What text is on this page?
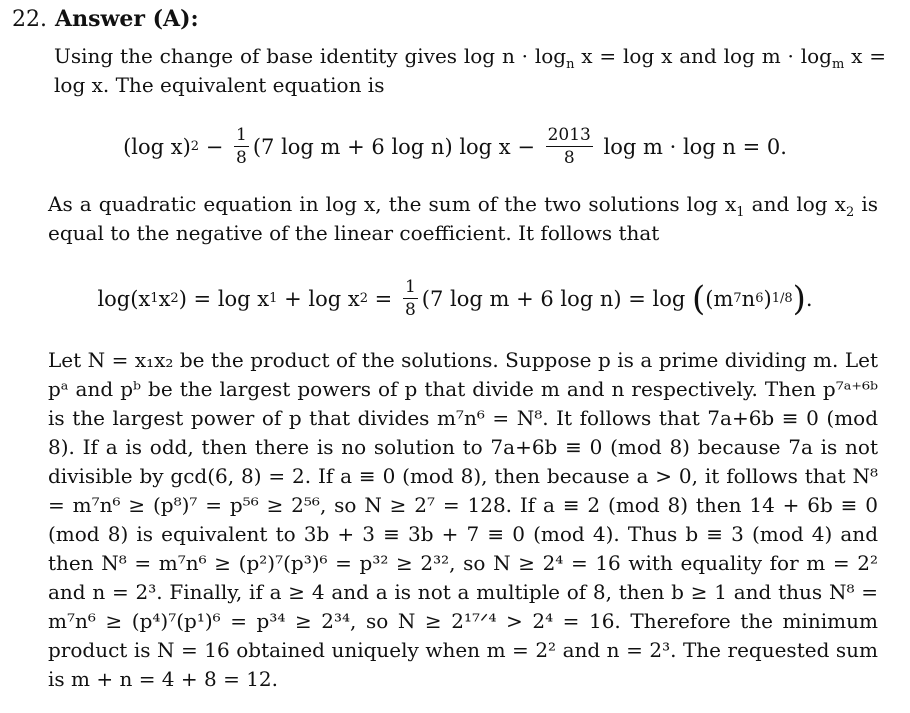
22. Answer (A):
Using the change of base identity gives $\log n \cdot \log_n x = \log x$ and $\log m \cdot \log_m x = \log x$. The equivalent equation is
(log x) $2 - \frac{1}{8} (7$ log m + 6 log n) $\log x - \frac{2013}{8}$ log m · log n = 0.
As a quadratic equation in log x, the sum of the two solutions $\log x_1$ and $\log x_2$ is equal to the negative of the linear coefficient. It follows that
log(x 1 x 2 ) = log x 1 + log x $2 = \frac{1}{8} (7$ log m + 6 log n) = log ( (m 7 n 6 ) 1/8 ) .
Let N = x₁x₂ be the product of the solutions. Suppose p is a prime dividing m. Let pᵃ and pᵇ be the largest powers of p that divide m and n respectively. Then p⁷ᵃ⁺⁶ᵇ is the largest power of p that divides m⁷n⁶ = N⁸. It follows that 7a+6b ≡ 0 (mod 8). If a is odd, then there is no solution to 7a+6b ≡ 0 (mod 8) because 7a is not divisible by gcd(6, 8) = 2. If a ≡ 0 (mod 8), then because a > 0, it follows that N⁸ = m⁷n⁶ ≥ (p⁸)⁷ = p⁵⁶ ≥ 2⁵⁶, so N ≥ 2⁷ = 128. If a ≡ 2 (mod 8) then 14 + 6b ≡ 0 (mod 8) is equivalent to 3b + 3 ≡ 3b + 7 ≡ 0 (mod 4). Thus b ≡ 3 (mod 4) and then N⁸ = m⁷n⁶ ≥ (p²)⁷(p³)⁶ = p³² ≥ 2³², so N ≥ 2⁴ = 16 with equality for m = 2² and n = 2³. Finally, if a ≥ 4 and a is not a multiple of 8, then b ≥ 1 and thus N⁸ = m⁷n⁶ ≥ (p⁴)⁷(p¹)⁶ = p³⁴ ≥ 2³⁴, so N ≥ 2¹⁷ᐟ⁴ > 2⁴ = 16. Therefore the minimum product is N = 16 obtained uniquely when m = 2² and n = 2³. The requested sum is m + n = 4 + 8 = 12.
